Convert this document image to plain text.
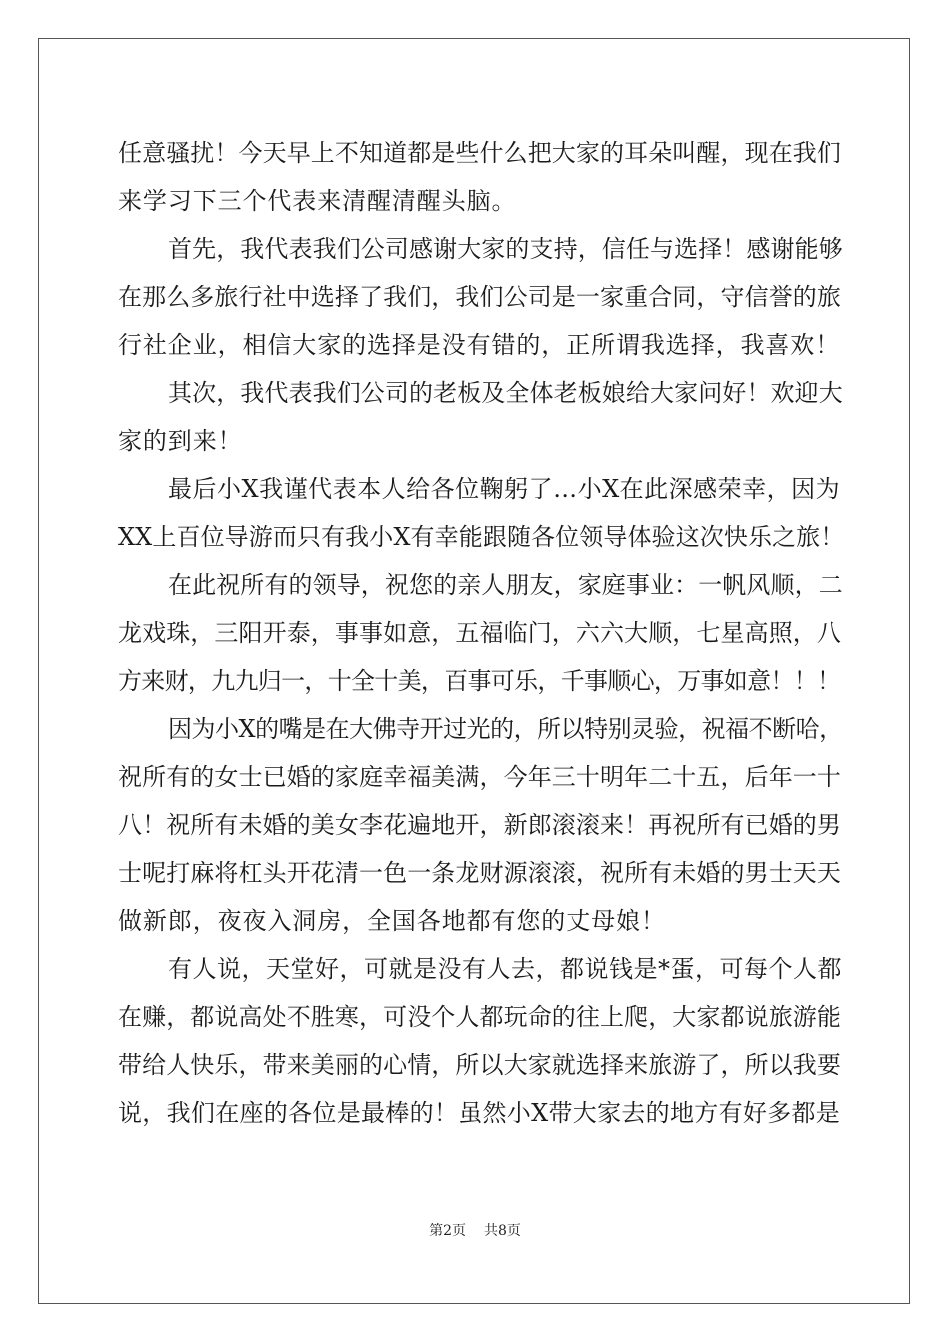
任意骚扰！今天早上不知道都是些什么把大家的耳朵叫醒，现在我们
来学习下三个代表来清醒清醒头脑。

首先，我代表我们公司感谢大家的支持，信任与选择！感谢能够
在那么多旅行社中选择了我们，我们公司是一家重合同，守信誉的旅
行社企业，相信大家的选择是没有错的，正所谓我选择，我喜欢！

其次，我代表我们公司的老板及全体老板娘给大家问好！欢迎大
家的到来！

最后小X我谨代表本人给各位鞠躬了…小X在此深感荣幸，因为
XX上百位导游而只有我小X有幸能跟随各位领导体验这次快乐之旅！

在此祝所有的领导，祝您的亲人朋友，家庭事业：一帆风顺，二
龙戏珠，三阳开泰，事事如意，五福临门，六六大顺，七星高照，八
方来财，九九归一，十全十美，百事可乐，千事顺心，万事如意！！！

因为小X的嘴是在大佛寺开过光的，所以特别灵验，祝福不断哈，
祝所有的女士已婚的家庭幸福美满，今年三十明年二十五，后年一十
八！祝所有未婚的美女李花遍地开，新郎滚滚来！再祝所有已婚的男
士呢打麻将杠头开花清一色一条龙财源滚滚，祝所有未婚的男士天天
做新郎，夜夜入洞房，全国各地都有您的丈母娘！

有人说，天堂好，可就是没有人去，都说钱是*蛋，可每个人都
在赚，都说高处不胜寒，可没个人都玩命的往上爬，大家都说旅游能
带给人快乐，带来美丽的心情，所以大家就选择来旅游了，所以我要
说，我们在座的各位是最棒的！虽然小X带大家去的地方有好多都是

第2页 共8页
